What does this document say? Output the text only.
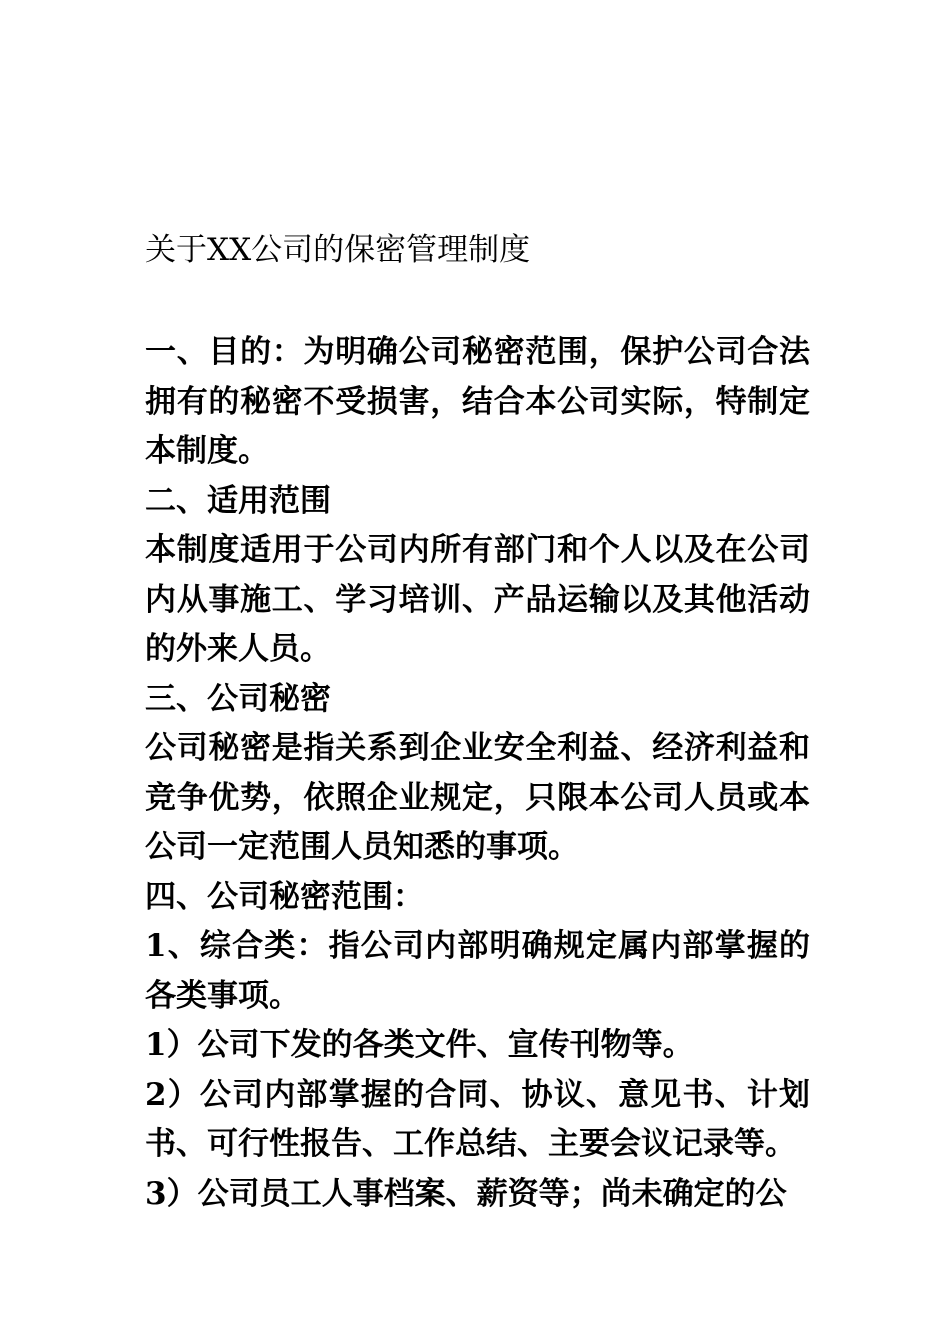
关于XX公司的保密管理制度

一、目的：为明确公司秘密范围，保护公司合法拥有的秘密不受损害，结合本公司实际，特制定本制度。

二、适用范围

本制度适用于公司内所有部门和个人以及在公司内从事施工、学习培训、产品运输以及其他活动的外来人员。

三、公司秘密

公司秘密是指关系到企业安全利益、经济利益和竞争优势，依照企业规定，只限本公司人员或本公司一定范围人员知悉的事项。

四、公司秘密范围：

1、综合类：指公司内部明确规定属内部掌握的各类事项。

1）公司下发的各类文件、宣传刊物等。

2）公司内部掌握的合同、协议、意见书、计划书、可行性报告、工作总结、主要会议记录等。

3）公司员工人事档案、薪资等；尚未确定的公
